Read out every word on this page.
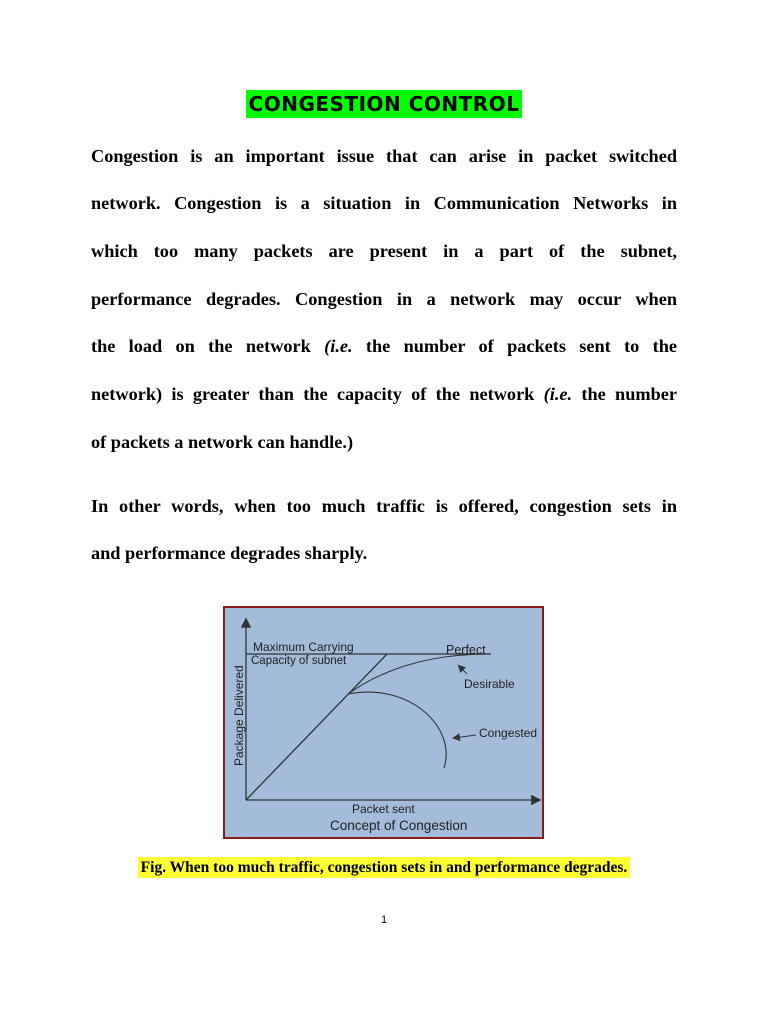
CONGESTION CONTROL

Congestion is an important issue that can arise in packet switched

network. Congestion is a situation in Communication Networks in

which too many packets are present in a part of the subnet,

performance degrades. Congestion in a network may occur when

the load on the network (i.e. the number of packets sent to the

network) is greater than the capacity of the network (i.e. the number

of packets a network can handle.)

In other words, when too much traffic is offered, congestion sets in

and performance degrades sharply.

Package Delivered
Maximum Carrying
Capacity of subnet
Perfect
Desirable
Congested
Packet sent
Concept of Congestion
Fig. When too much traffic, congestion sets in and performance degrades.
1
